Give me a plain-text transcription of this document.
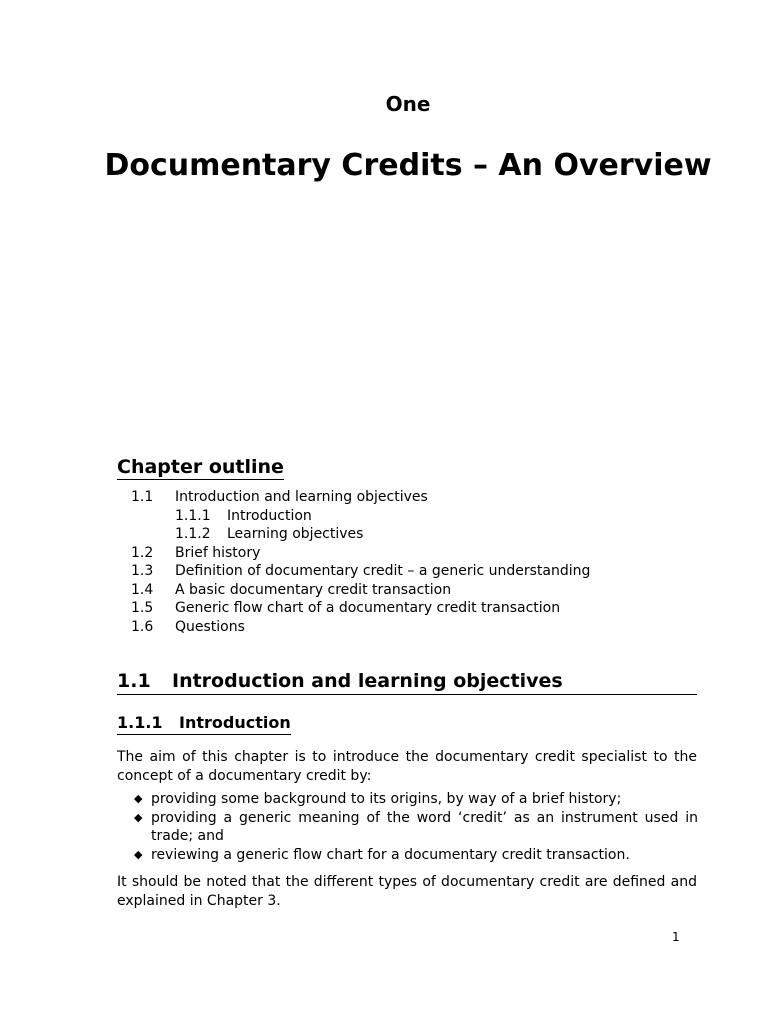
One
Documentary Credits – An Overview
Chapter outline
1.1 Introduction and learning objectives
1.1.1 Introduction
1.1.2 Learning objectives
1.2 Brief history
1.3 Definition of documentary credit – a generic understanding
1.4 A basic documentary credit transaction
1.5 Generic flow chart of a documentary credit transaction
1.6 Questions
1.1 Introduction and learning objectives
1.1.1 Introduction
The aim of this chapter is to introduce the documentary credit specialist to the concept of a documentary credit by:
◆ providing some background to its origins, by way of a brief history;
◆ providing a generic meaning of the word ‘credit’ as an instrument used in trade; and
◆ reviewing a generic flow chart for a documentary credit transaction.
It should be noted that the different types of documentary credit are defined and explained in Chapter 3.
1
